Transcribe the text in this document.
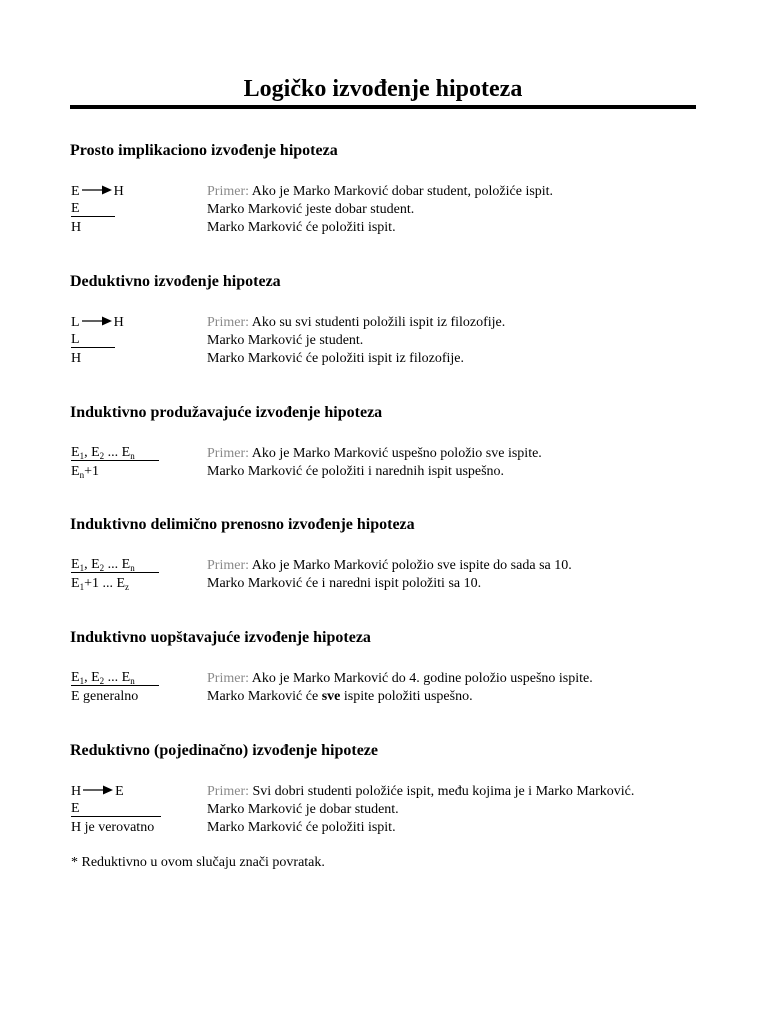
Logičko izvođenje hipoteza

Prosto implikaciono izvođenje hipoteza

E H	Primer: Ako je Marko Marković dobar student, položiće ispit.
E	Marko Marković jeste dobar student.
H	Marko Marković će položiti ispit.

Deduktivno izvođenje hipoteza

L H	Primer: Ako su svi studenti položili ispit iz filozofije.
L	Marko Marković je student.
H	Marko Marković će položiti ispit iz filozofije.

Induktivno produžavajuće izvođenje hipoteza

$E_1$, $E_2$ ... $E_n$	Primer: Ako je Marko Marković uspešno položio sve ispite.
$E_n+1$	Marko Marković će položiti i narednih ispit uspešno.

Induktivno delimično prenosno izvođenje hipoteza

$E_1$, $E_2$ ... $E_n$	Primer: Ako je Marko Marković položio sve ispite do sada sa 10.
$E_1+1$ ... $E_z$	Marko Marković će i naredni ispit položiti sa 10.

Induktivno uopštavajuće izvođenje hipoteza

$E_1$, $E_2$ ... $E_n$	Primer: Ako je Marko Marković do 4. godine položio uspešno ispite.
E generalno	Marko Marković će sve ispite položiti uspešno.

Reduktivno (pojedinačno) izvođenje hipoteze

H E	Primer: Svi dobri studenti položiće ispit, među kojima je i Marko Marković.
E	Marko Marković je dobar student.
H je verovatno	Marko Marković će položiti ispit.
* Reduktivno u ovom slučaju znači povratak.
